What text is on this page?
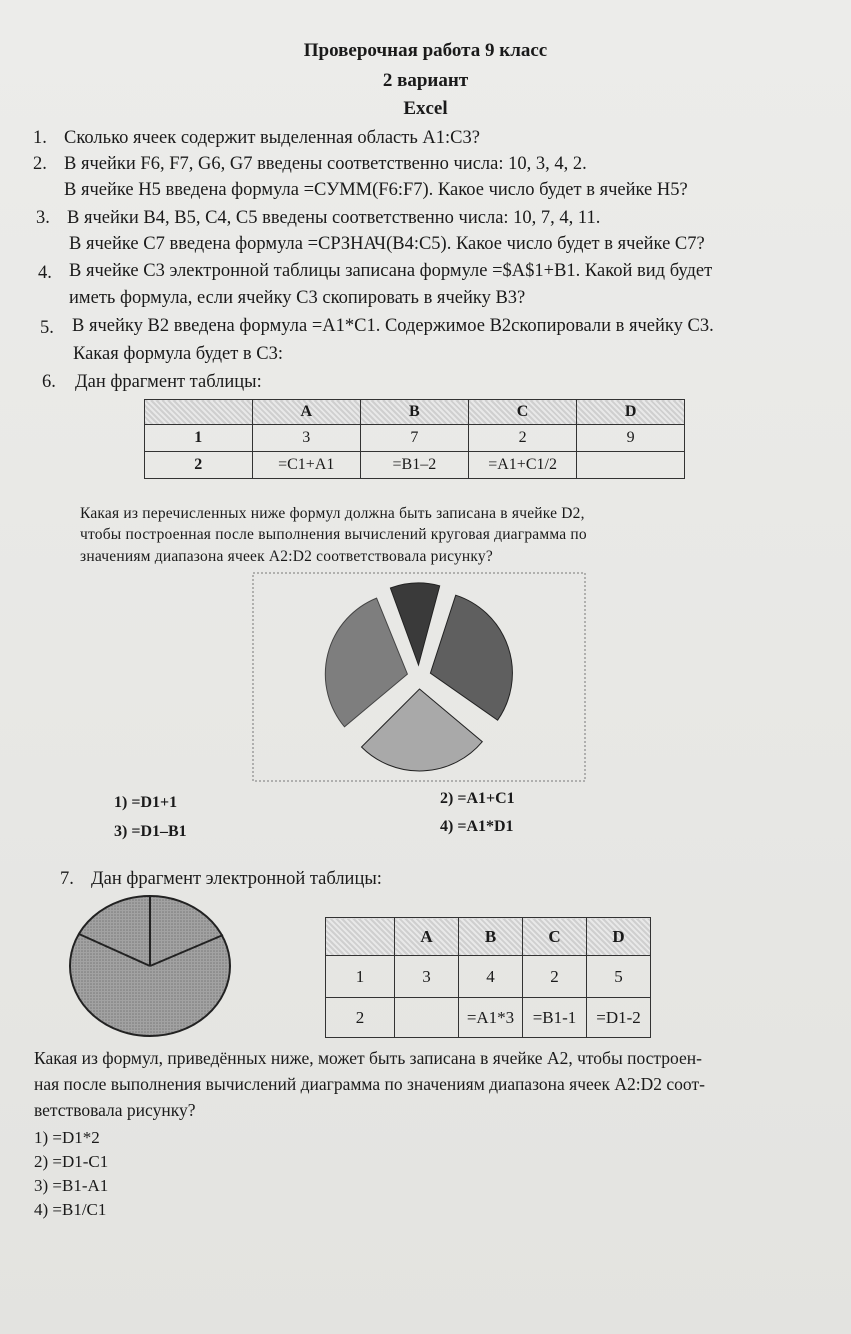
Проверочная работа 9 класс
2 вариант
Excel
1. Сколько ячеек содержит выделенная область A1:C3?
2. В ячейки F6, F7, G6, G7 введены соответственно числа: 10, 3, 4, 2.
В ячейке H5 введена формула =СУММ(F6:F7). Какое число будет в ячейке H5?
3. В ячейки B4, B5, C4, C5 введены соответственно числа: 10, 7, 4, 11.
В ячейке C7 введена формула =СРЗНАЧ(B4:C5). Какое число будет в ячейке C7?
4. В ячейке C3 электронной таблицы записана формуле =$A$1+B1. Какой вид будет
иметь формула, если ячейку C3 скопировать в ячейку B3?
5. В ячейку B2 введена формула =A1*C1. Содержимое B2скопировали в ячейку C3.
Какая формула будет в C3:
6. Дан фрагмент таблицы:
	A	B	C	D
1	3	7	2	9
2	=C1+A1	=B1–2	=A1+C1/2	
Какая из перечисленных ниже формул должна быть записана в ячейке D2,
чтобы построенная после выполнения вычислений круговая диаграмма по
значениям диапазона ячеек A2:D2 соответствовала рисунку?
1) =D1+1	2) =A1+C1
3) =D1–B1	4) =A1*D1
7. Дан фрагмент электронной таблицы:
	A	B	C	D
1	3	4	2	5
2		=A1*3	=B1-1	=D1-2
Какая из формул, приведённых ниже, может быть записана в ячейке A2, чтобы построен-
ная после выполнения вычислений диаграмма по значениям диапазона ячеек A2:D2 соот-
ветствовала рисунку?
1) =D1*2
2) =D1-C1
3) =B1-A1
4) =B1/C1
